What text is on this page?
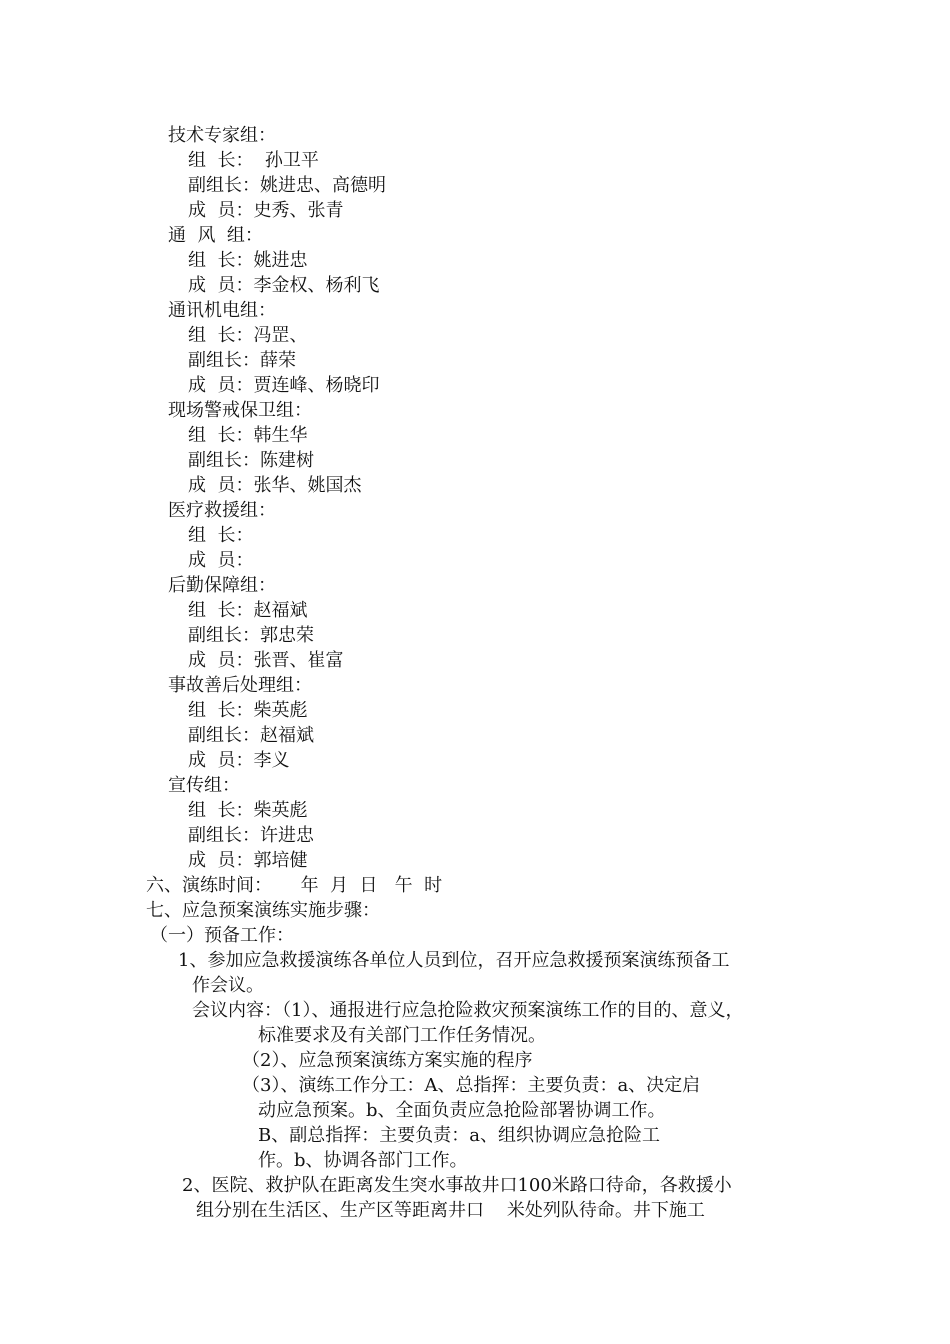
技术专家组：
组  长：  孙卫平
副组长：姚进忠、高德明
成  员：史秀、张青
通  风  组：
组  长：姚进忠
成  员：李金权、杨利飞
通讯机电组：
组  长：冯罡、
副组长：薛荣
成  员：贾连峰、杨晓印
现场警戒保卫组：
组  长：韩生华
副组长：陈建树
成  员：张华、姚国杰
医疗救援组：
组  长：
成  员：
后勤保障组：
组  长：赵福斌
副组长：郭忠荣
成  员：张晋、崔富
事故善后处理组：
组  长：柴英彪
副组长：赵福斌
成  员：李义
宣传组：
组  长：柴英彪
副组长：许进忠
成  员：郭培健
六、演练时间：     年  月  日   午  时
七、应急预案演练实施步骤：
（一）预备工作：
1、参加应急救援演练各单位人员到位，召开应急救援预案演练预备工
作会议。
会议内容：（1）、通报进行应急抢险救灾预案演练工作的目的、意义，
标准要求及有关部门工作任务情况。
（2）、应急预案演练方案实施的程序
（3）、演练工作分工：A、总指挥：主要负责：a、决定启
动应急预案。b、全面负责应急抢险部署协调工作。
B、副总指挥：主要负责：a、组织协调应急抢险工
作。b、协调各部门工作。
2、医院、救护队在距离发生突水事故井口100米路口待命，各救援小
组分别在生活区、生产区等距离井口    米处列队待命。井下施工
